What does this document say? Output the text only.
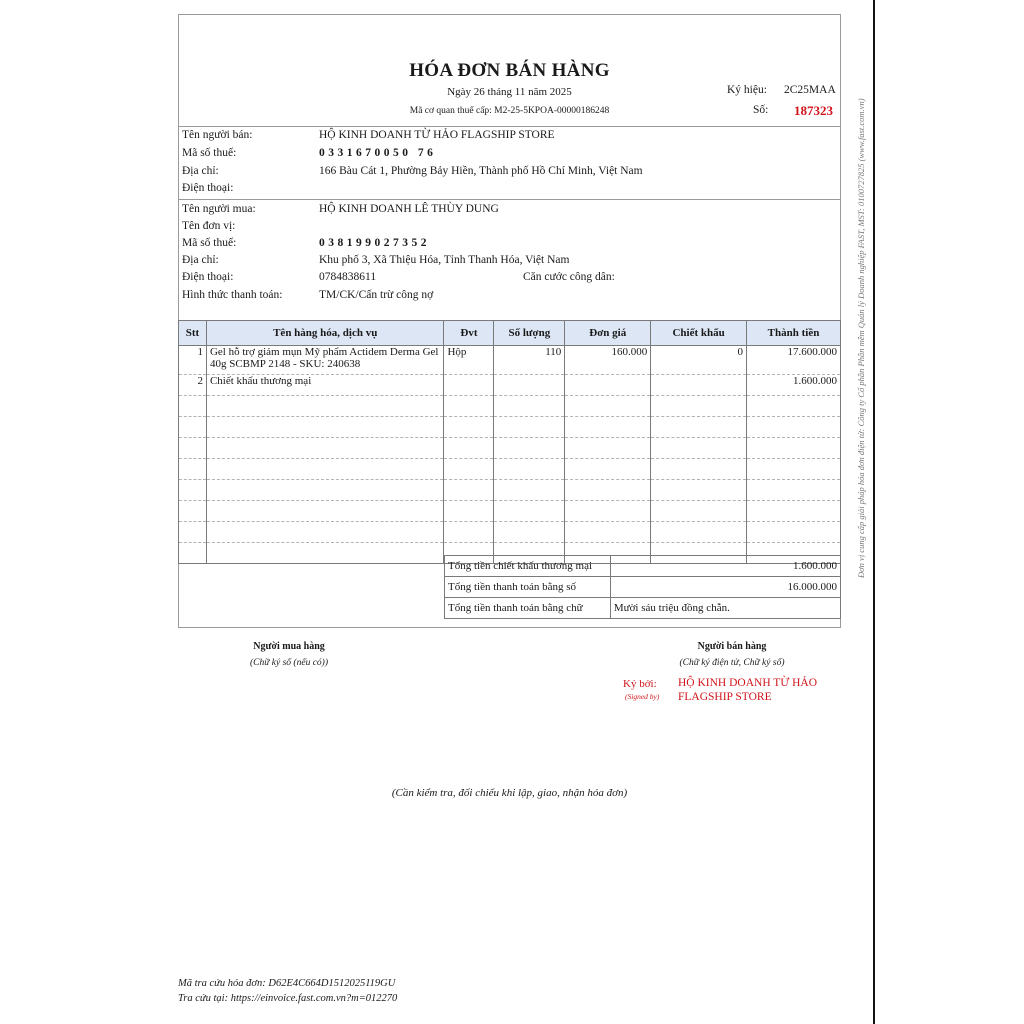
HÓA ĐƠN BÁN HÀNG
Ngày 26 tháng 11 năm 2025
Mã cơ quan thuế cấp: M2-25-5KPOA-00000186248
Ký hiệu: 2C25MAA
Số: 187323
Tên người bán:	HỘ KINH DOANH TỪ HẢO FLAGSHIP STORE
Mã số thuế:	0331670050 76
Địa chỉ:	166 Bàu Cát 1, Phường Bảy Hiền, Thành phố Hồ Chí Minh, Việt Nam
Điện thoại:
Tên người mua:	HỘ KINH DOANH LÊ THÙY DUNG
Tên đơn vị:
Mã số thuế:	038199027352
Địa chỉ:	Khu phố 3, Xã Thiệu Hóa, Tỉnh Thanh Hóa, Việt Nam
Điện thoại:	0784838611	Căn cước công dân:
Hình thức thanh toán:	TM/CK/Cấn trừ công nợ
Stt	Tên hàng hóa, dịch vụ	Đvt	Số lượng	Đơn giá	Chiết khấu	Thành tiền
1	Gel hỗ trợ giảm mụn Mỹ phẩm Actidem Derma Gel 40g SCBMP 2148 - SKU: 240638	Hộp	110	160.000	0	17.600.000
2	Chiết khấu thương mại					1.600.000

Tổng tiền chiết khấu thương mại	1.600.000
Tổng tiền thanh toán bằng số	16.000.000
Tổng tiền thanh toán bằng chữ	Mười sáu triệu đồng chẵn.
Người mua hàng
(Chữ ký số (nếu có))
Người bán hàng
(Chữ ký điện tử, Chữ ký số)
Ký bởi:
(Signed by)
HỘ KINH DOANH TỪ HẢO
FLAGSHIP STORE
(Cần kiểm tra, đối chiếu khi lập, giao, nhận hóa đơn)
Mã tra cứu hóa đơn: D62E4C664D1512025119GU
Tra cứu tại: https://einvoice.fast.com.vn?m=012270
Đơn vị cung cấp giải pháp hóa đơn điện tử: Công ty Cổ phần Phần mềm Quản lý Doanh nghiệp FAST, MST: 0100727825 (www.fast.com.vn)
